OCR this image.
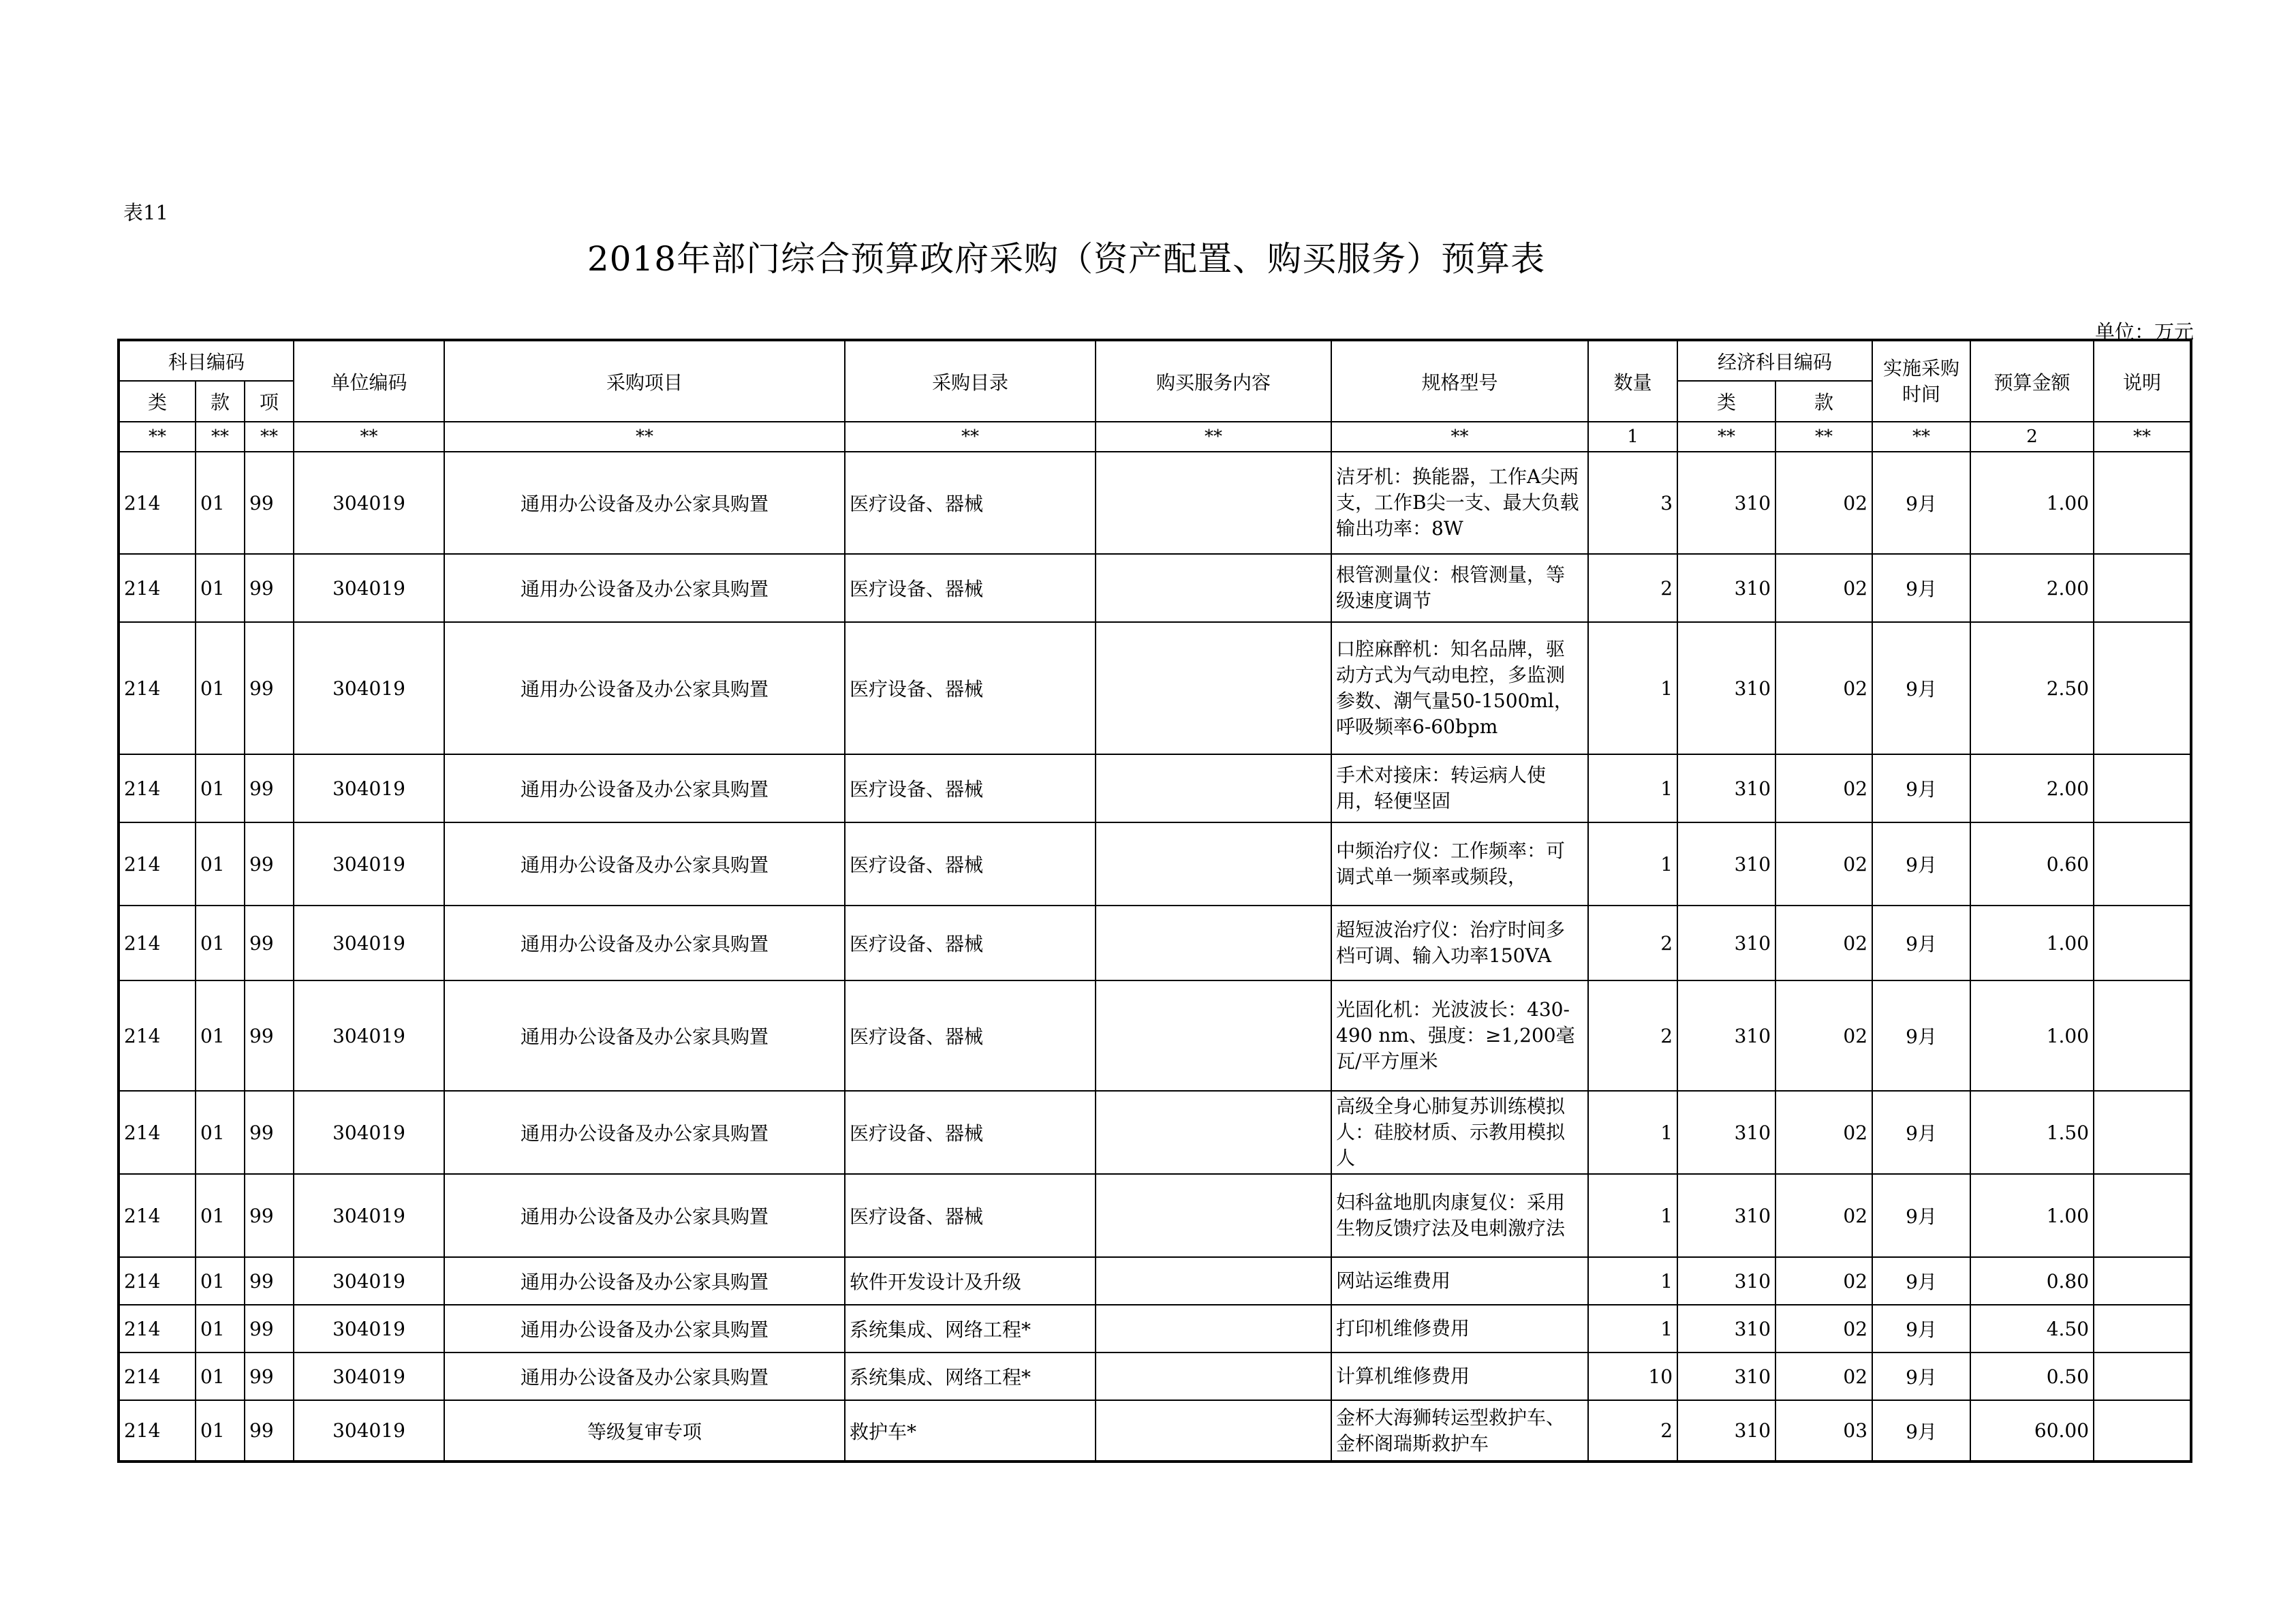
表11
2018年部门综合预算政府采购（资产配置、购买服务）预算表
单位：万元
科目编码			单位编码	采购项目	采购目录	购买服务内容	规格型号	数量	经济科目编码		实施采购时间	预算金额	说明
类	款	项							类	款			
**	**	**	**	**	**	**	**	1	**	**	**	2	**
214	01	99	304019	通用办公设备及办公家具购置	医疗设备、器械		洁牙机：换能器，工作A尖两支，工作B尖一支、最大负载输出功率：8W	3	310	02	9月	1.00	
214	01	99	304019	通用办公设备及办公家具购置	医疗设备、器械		根管测量仪：根管测量，等级速度调节	2	310	02	9月	2.00	
214	01	99	304019	通用办公设备及办公家具购置	医疗设备、器械		口腔麻醉机：知名品牌，驱动方式为气动电控，多监测参数、潮气量50-1500ml，呼吸频率6-60bpm	1	310	02	9月	2.50	
214	01	99	304019	通用办公设备及办公家具购置	医疗设备、器械		手术对接床：转运病人使用，轻便坚固	1	310	02	9月	2.00	
214	01	99	304019	通用办公设备及办公家具购置	医疗设备、器械		中频治疗仪：工作频率：可调式单一频率或频段，	1	310	02	9月	0.60	
214	01	99	304019	通用办公设备及办公家具购置	医疗设备、器械		超短波治疗仪：治疗时间多档可调、输入功率150VA	2	310	02	9月	1.00	
214	01	99	304019	通用办公设备及办公家具购置	医疗设备、器械		光固化机：光波波长：430-490 nm、强度：≥1,200毫瓦/平方厘米	2	310	02	9月	1.00	
214	01	99	304019	通用办公设备及办公家具购置	医疗设备、器械		高级全身心肺复苏训练模拟人：硅胶材质、示教用模拟人	1	310	02	9月	1.50	
214	01	99	304019	通用办公设备及办公家具购置	医疗设备、器械		妇科盆地肌肉康复仪：采用生物反馈疗法及电刺激疗法	1	310	02	9月	1.00	
214	01	99	304019	通用办公设备及办公家具购置	软件开发设计及升级		网站运维费用	1	310	02	9月	0.80	
214	01	99	304019	通用办公设备及办公家具购置	系统集成、网络工程*		打印机维修费用	1	310	02	9月	4.50	
214	01	99	304019	通用办公设备及办公家具购置	系统集成、网络工程*		计算机维修费用	10	310	02	9月	0.50	
214	01	99	304019	等级复审专项	救护车*		金杯大海狮转运型救护车、金杯阁瑞斯救护车	2	310	03	9月	60.00	
